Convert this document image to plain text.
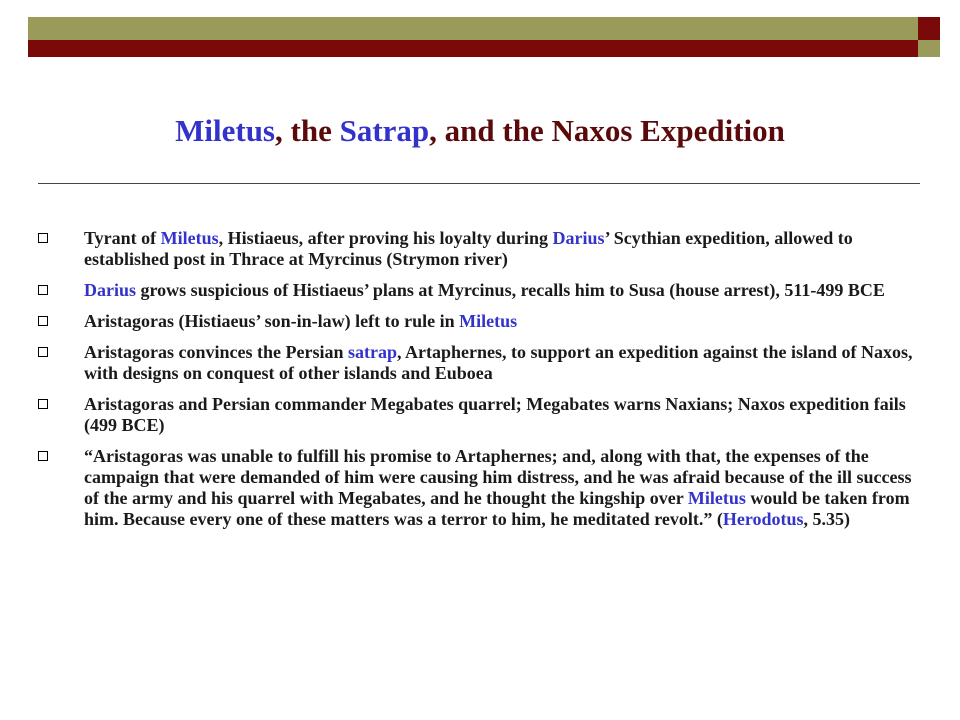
Miletus, the Satrap, and the Naxos Expedition
Tyrant of Miletus, Histiaeus, after proving his loyalty during Darius’ Scythian expedition, allowed to established post in Thrace at Myrcinus (Strymon river)
Darius grows suspicious of Histiaeus’ plans at Myrcinus, recalls him to Susa (house arrest), 511-499 BCE
Aristagoras (Histiaeus’ son-in-law) left to rule in Miletus
Aristagoras convinces the Persian satrap, Artaphernes, to support an expedition against the island of Naxos, with designs on conquest of other islands and Euboea
Aristagoras and Persian commander Megabates quarrel; Megabates warns Naxians; Naxos expedition fails (499 BCE)
“Aristagoras was unable to fulfill his promise to Artaphernes; and, along with that, the expenses of the campaign that were demanded of him were causing him distress, and he was afraid because of the ill success of the army and his quarrel with Megabates, and he thought the kingship over Miletus would be taken from him. Because every one of these matters was a terror to him, he meditated revolt.” (Herodotus, 5.35)
